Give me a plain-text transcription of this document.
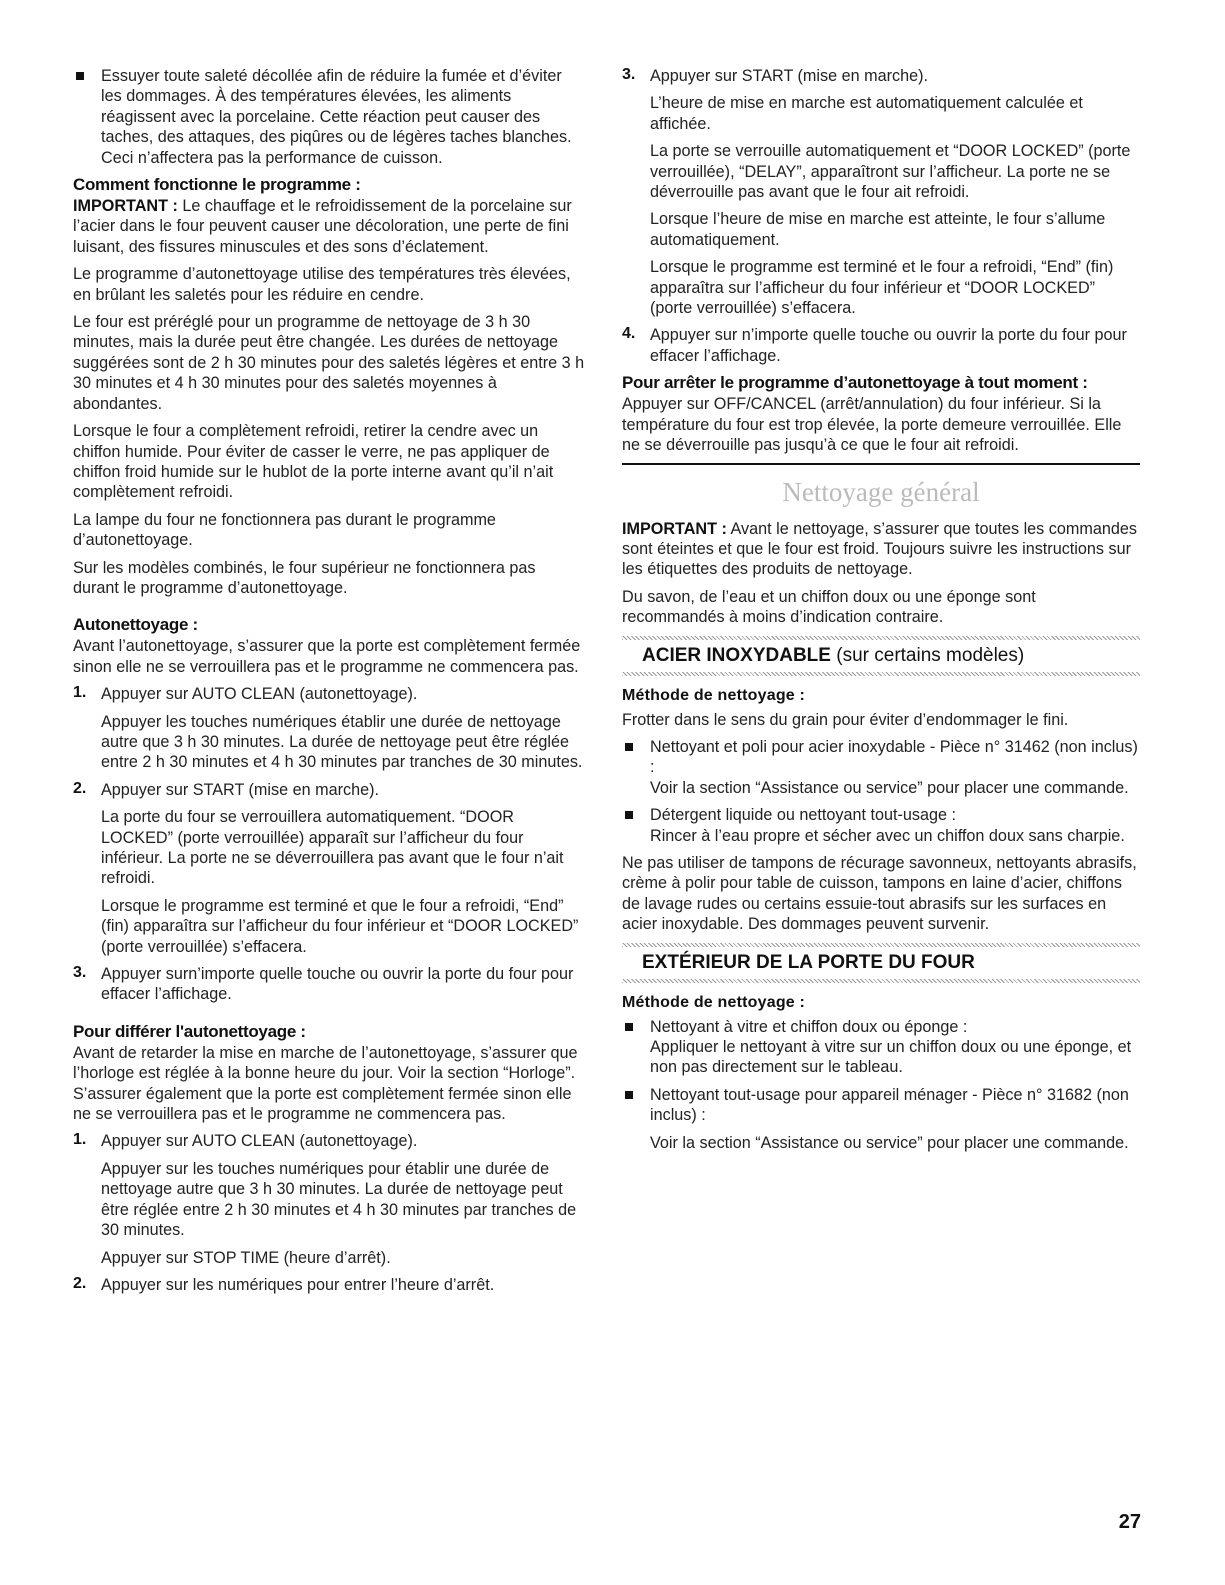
Essuyer toute saleté décollée afin de réduire la fumée et d’éviter les dommages. À des températures élevées, les aliments réagissent avec la porcelaine. Cette réaction peut causer des taches, des attaques, des piqûres ou de légères taches blanches. Ceci n’affectera pas la performance de cuisson.

Comment fonctionne le programme :

IMPORTANT : Le chauffage et le refroidissement de la porcelaine sur l’acier dans le four peuvent causer une décoloration, une perte de fini luisant, des fissures minuscules et des sons d’éclatement.

Le programme d’autonettoyage utilise des températures très élevées, en brûlant les saletés pour les réduire en cendre.

Le four est préréglé pour un programme de nettoyage de 3 h 30 minutes, mais la durée peut être changée. Les durées de nettoyage suggérées sont de 2 h 30 minutes pour des saletés légères et entre 3 h 30 minutes et 4 h 30 minutes pour des saletés moyennes à abondantes.

Lorsque le four a complètement refroidi, retirer la cendre avec un chiffon humide. Pour éviter de casser le verre, ne pas appliquer de chiffon froid humide sur le hublot de la porte interne avant qu’il n’ait complètement refroidi.

La lampe du four ne fonctionnera pas durant le programme d’autonettoyage.

Sur les modèles combinés, le four supérieur ne fonctionnera pas durant le programme d’autonettoyage.

Autonettoyage :

Avant l’autonettoyage, s’assurer que la porte est complètement fermée sinon elle ne se verrouillera pas et le programme ne commencera pas.

1. Appuyer sur AUTO CLEAN (autonettoyage).

Appuyer les touches numériques établir une durée de nettoyage autre que 3 h 30 minutes. La durée de nettoyage peut être réglée entre 2 h 30 minutes et 4 h 30 minutes par tranches de 30 minutes.

2. Appuyer sur START (mise en marche).

La porte du four se verrouillera automatiquement. “DOOR LOCKED” (porte verrouillée) apparaît sur l’afficheur du four inférieur. La porte ne se déverrouillera pas avant que le four n’ait refroidi.

Lorsque le programme est terminé et que le four a refroidi, “End” (fin) apparaîtra sur l’afficheur du four inférieur et “DOOR LOCKED” (porte verrouillée) s’effacera.

3. Appuyer surn’importe quelle touche ou ouvrir la porte du four pour effacer l’affichage.

Pour différer l'autonettoyage :

Avant de retarder la mise en marche de l’autonettoyage, s’assurer que l’horloge est réglée à la bonne heure du jour. Voir la section “Horloge”. S’assurer également que la porte est complètement fermée sinon elle ne se verrouillera pas et le programme ne commencera pas.

1. Appuyer sur AUTO CLEAN (autonettoyage).

Appuyer sur les touches numériques pour établir une durée de nettoyage autre que 3 h 30 minutes. La durée de nettoyage peut être réglée entre 2 h 30 minutes et 4 h 30 minutes par tranches de 30 minutes.

Appuyer sur STOP TIME (heure d’arrêt).

2. Appuyer sur les numériques pour entrer l’heure d’arrêt.

3. Appuyer sur START (mise en marche).

L’heure de mise en marche est automatiquement calculée et affichée.

La porte se verrouille automatiquement et “DOOR LOCKED” (porte verrouillée), “DELAY”, apparaîtront sur l’afficheur. La porte ne se déverrouille pas avant que le four ait refroidi.

Lorsque l’heure de mise en marche est atteinte, le four s’allume automatiquement.

Lorsque le programme est terminé et le four a refroidi, “End” (fin) apparaîtra sur l’afficheur du four inférieur et “DOOR LOCKED” (porte verrouillée) s’effacera.

4. Appuyer sur n’importe quelle touche ou ouvrir la porte du four pour effacer l’affichage.

Pour arrêter le programme d’autonettoyage à tout moment :

Appuyer sur OFF/CANCEL (arrêt/annulation) du four inférieur. Si la température du four est trop élevée, la porte demeure verrouillée. Elle ne se déverrouille pas jusqu’à ce que le four ait refroidi.

Nettoyage général

IMPORTANT : Avant le nettoyage, s’assurer que toutes les commandes sont éteintes et que le four est froid. Toujours suivre les instructions sur les étiquettes des produits de nettoyage.

Du savon, de l’eau et un chiffon doux ou une éponge sont recommandés à moins d’indication contraire.

ACIER INOXYDABLE (sur certains modèles)
Méthode de nettoyage :

Frotter dans le sens du grain pour éviter d’endommager le fini.

Nettoyant et poli pour acier inoxydable - Pièce n° 31462 (non inclus) :

Voir la section “Assistance ou service” pour placer une commande.

Détergent liquide ou nettoyant tout-usage :

Rincer à l’eau propre et sécher avec un chiffon doux sans charpie.

Ne pas utiliser de tampons de récurage savonneux, nettoyants abrasifs, crème à polir pour table de cuisson, tampons en laine d’acier, chiffons de lavage rudes ou certains essuie-tout abrasifs sur les surfaces en acier inoxydable. Des dommages peuvent survenir.

EXTÉRIEUR DE LA PORTE DU FOUR
Méthode de nettoyage :

Nettoyant à vitre et chiffon doux ou éponge :

Appliquer le nettoyant à vitre sur un chiffon doux ou une éponge, et non pas directement sur le tableau.

Nettoyant tout-usage pour appareil ménager - Pièce n° 31682 (non inclus) :

Voir la section “Assistance ou service” pour placer une commande.

27
